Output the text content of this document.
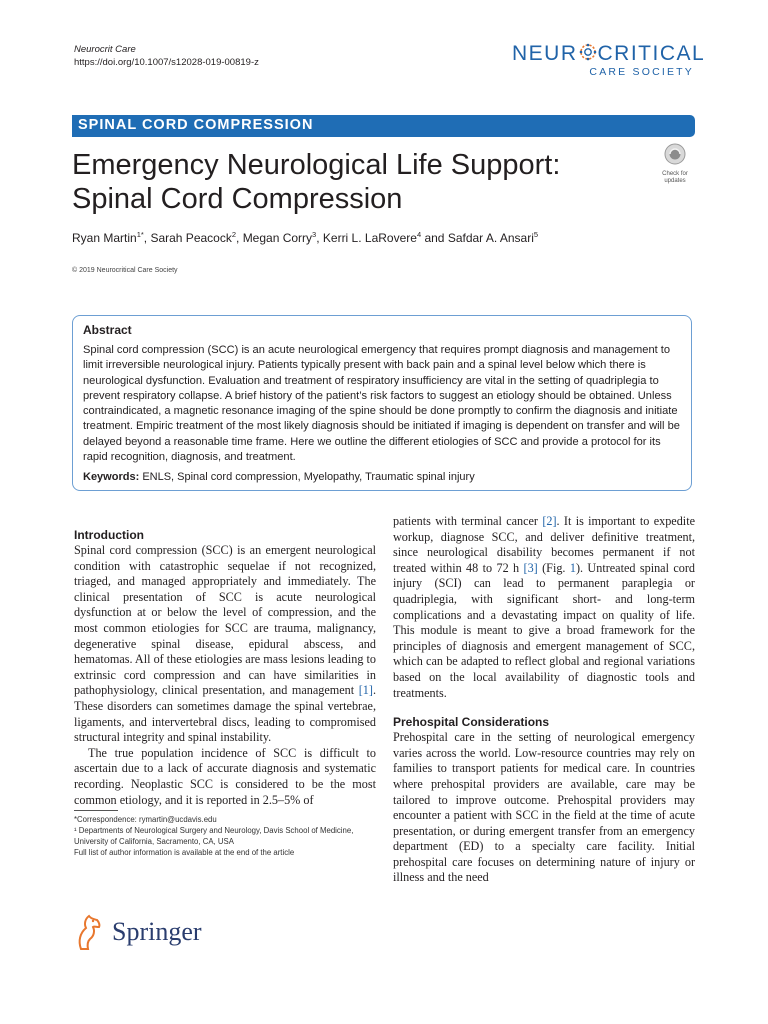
Neurocrit Care
https://doi.org/10.1007/s12028-019-00819-z	NEUR CRITICAL
CARE SOCIETY
SPINAL CORD COMPRESSION
Emergency Neurological Life Support: Spinal Cord Compression
Check for updates
Ryan Martin$^{1*}$, Sarah Peacock$^2$, Megan Corry$^3$, Kerri L. LaRovere$^4$ and Safdar A. Ansari$^5$
© 2019 Neurocritical Care Society
Abstract
Spinal cord compression (SCC) is an acute neurological emergency that requires prompt diagnosis and management to limit irreversible neurological injury. Patients typically present with back pain and a spinal level below which there is neurological dysfunction. Evaluation and treatment of respiratory insufficiency are vital in the setting of quadriplegia to prevent respiratory collapse. A brief history of the patient’s risk factors to suggest an etiology should be obtained. Unless contraindicated, a magnetic resonance imaging of the spine should be done promptly to confirm the diagnosis and initiate treatment. Empiric treatment of the most likely diagnosis should be initiated if imaging is dependent on transfer and will be delayed beyond a reasonable time frame. Here we outline the different etiologies of SCC and provide a protocol for its rapid recognition, diagnosis, and treatment.
Keywords: ENLS, Spinal cord compression, Myelopathy, Traumatic spinal injury
Introduction

Spinal cord compression (SCC) is an emergent neurological condition with catastrophic sequelae if not recognized, triaged, and managed appropriately and immediately. The clinical presentation of SCC is acute neurological dysfunction at or below the level of compression, and the most common etiologies for SCC are trauma, malignancy, degenerative spinal disease, epidural abscess, and hematomas. All of these etiologies are mass lesions leading to extrinsic cord compression and can have similarities in pathophysiology, clinical presentation, and management [1]. These disorders can sometimes damage the spinal vertebrae, ligaments, and intervertebral discs, leading to compromised structural integrity and spinal instability.

The true population incidence of SCC is difficult to ascertain due to a lack of accurate diagnosis and systematic recording. Neoplastic SCC is considered to be the most common etiology, and it is reported in 2.5–5% of

patients with terminal cancer [2]. It is important to expedite workup, diagnose SCC, and deliver definitive treatment, since neurological disability becomes permanent if not treated within 48 to 72 h [3] (Fig. 1). Untreated spinal cord injury (SCI) can lead to permanent paraplegia or quadriplegia, with significant short- and long-term complications and a devastating impact on quality of life. This module is meant to give a broad framework for the principles of diagnosis and emergent management of SCC, which can be adapted to reflect global and regional variations based on the local availability of diagnostic tools and treatments.

Prehospital Considerations

Prehospital care in the setting of neurological emergency varies across the world. Low-resource countries may rely on families to transport patients for medical care. In countries where prehospital providers are available, care may be tailored to improve outcome. Prehospital providers may encounter a patient with SCC in the field at the time of acute presentation, or during emergent transfer from an emergency department (ED) to a specialty care facility. Initial prehospital care focuses on determining nature of injury or illness and the need

*Correspondence: rymartin@ucdavis.edu
¹ Departments of Neurological Surgery and Neurology, Davis School of Medicine, University of California, Sacramento, CA, USA
Full list of author information is available at the end of the article
Springer
